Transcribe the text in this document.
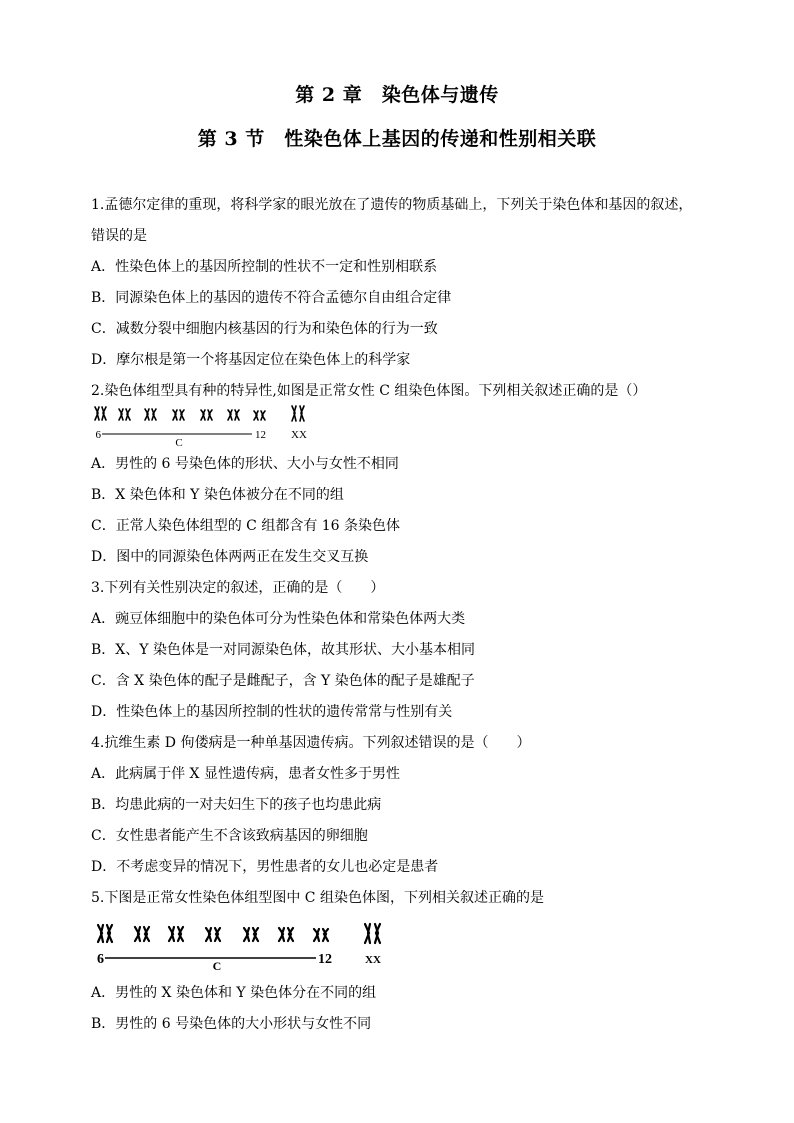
第 2 章　染色体与遗传
第 3 节　性染色体上基因的传递和性别相关联
1.孟德尔定律的重现，将科学家的眼光放在了遗传的物质基础上，下列关于染色体和基因的叙述，
错误的是
A．性染色体上的基因所控制的性状不一定和性别相联系
B．同源染色体上的基因的遗传不符合孟德尔自由组合定律
C．减数分裂中细胞内核基因的行为和染色体的行为一致
D．摩尔根是第一个将基因定位在染色体上的科学家
2.染色体组型具有种的特异性,如图是正常女性 C 组染色体图。下列相关叙述正确的是（）
6
C
12 XX
A．男性的 6 号染色体的形状、大小与女性不相同
B．X 染色体和 Y 染色体被分在不同的组
C．正常人染色体组型的 C 组都含有 16 条染色体
D．图中的同源染色体两两正在发生交叉互换
3.下列有关性别决定的叙述，正确的是（　　）
A．豌豆体细胞中的染色体可分为性染色体和常染色体两大类
B．X、Y 染色体是一对同源染色体，故其形状、大小基本相同
C．含 X 染色体的配子是雌配子，含 Y 染色体的配子是雄配子
D．性染色体上的基因所控制的性状的遗传常常与性别有关
4.抗维生素 D 佝偻病是一种单基因遗传病。下列叙述错误的是（　　）
A．此病属于伴 X 显性遗传病，患者女性多于男性
B．均患此病的一对夫妇生下的孩子也均患此病
C．女性患者能产生不含该致病基因的卵细胞
D．不考虑变异的情况下，男性患者的女儿也必定是患者
5.下图是正常女性染色体组型图中 C 组染色体图，下列相关叙述正确的是
6	C	12	XX
A．男性的 X 染色体和 Y 染色体分在不同的组
B．男性的 6 号染色体的大小形状与女性不同
